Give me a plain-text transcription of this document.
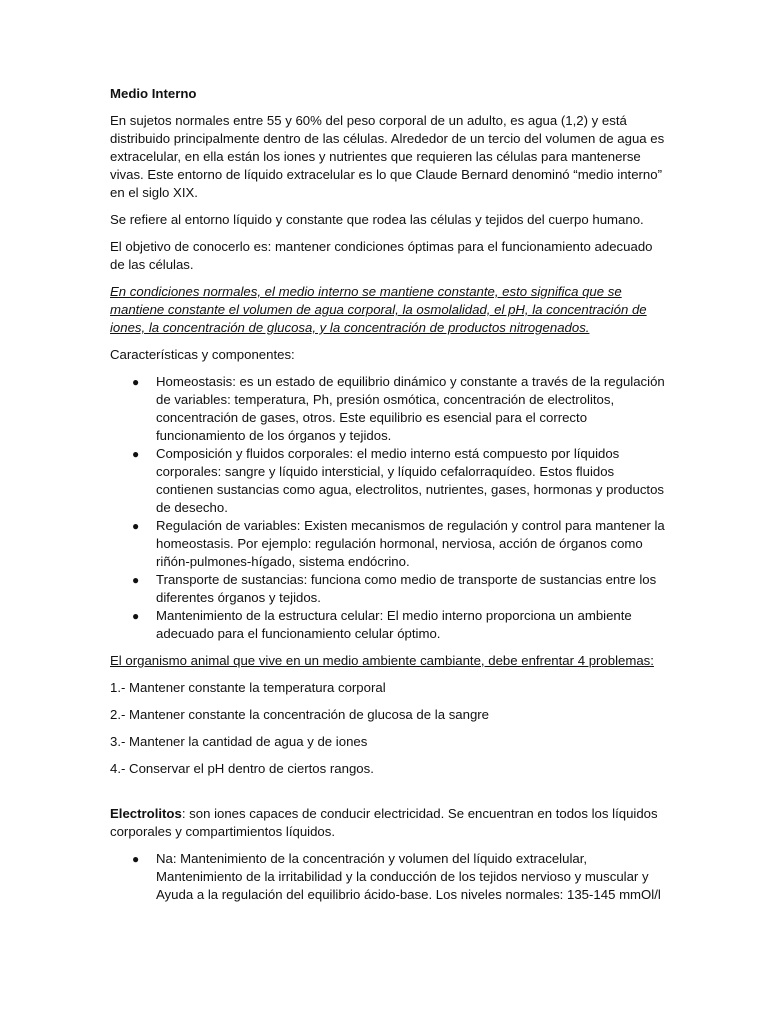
Medio Interno

En sujetos normales entre 55 y 60% del peso corporal de un adulto, es agua (1,2) y está distribuido principalmente dentro de las células. Alrededor de un tercio del volumen de agua es extracelular, en ella están los iones y nutrientes que requieren las células para mantenerse vivas. Este entorno de líquido extracelular es lo que Claude Bernard denominó “medio interno” en el siglo XIX.

Se refiere al entorno líquido y constante que rodea las células y tejidos del cuerpo humano.

El objetivo de conocerlo es: mantener condiciones óptimas para el funcionamiento adecuado de las células.

En condiciones normales, el medio interno se mantiene constante, esto significa que se mantiene constante el volumen de agua corporal, la osmolalidad, el pH, la concentración de iones, la concentración de glucosa, y la concentración de productos nitrogenados.

Características y componentes:

● Homeostasis: es un estado de equilibrio dinámico y constante a través de la regulación de variables: temperatura, Ph, presión osmótica, concentración de electrolitos, concentración de gases, otros. Este equilibrio es esencial para el correcto funcionamiento de los órganos y tejidos.
● Composición y fluidos corporales: el medio interno está compuesto por líquidos corporales: sangre y líquido intersticial, y líquido cefalorraquídeo. Estos fluidos contienen sustancias como agua, electrolitos, nutrientes, gases, hormonas y productos de desecho.
● Regulación de variables: Existen mecanismos de regulación y control para mantener la homeostasis. Por ejemplo: regulación hormonal, nerviosa, acción de órganos como riñón-pulmones-hígado, sistema endócrino.
● Transporte de sustancias: funciona como medio de transporte de sustancias entre los diferentes órganos y tejidos.
● Mantenimiento de la estructura celular: El medio interno proporciona un ambiente adecuado para el funcionamiento celular óptimo.

El organismo animal que vive en un medio ambiente cambiante, debe enfrentar 4 problemas:

1.- Mantener constante la temperatura corporal

2.- Mantener constante la concentración de glucosa de la sangre

3.- Mantener la cantidad de agua y de iones

4.- Conservar el pH dentro de ciertos rangos.

Electrolitos: son iones capaces de conducir electricidad. Se encuentran en todos los líquidos corporales y compartimientos líquidos.

● Na: Mantenimiento de la concentración y volumen del líquido extracelular, Mantenimiento de la irritabilidad y la conducción de los tejidos nervioso y muscular y Ayuda a la regulación del equilibrio ácido-base. Los niveles normales: 135-145 mmOl/l
